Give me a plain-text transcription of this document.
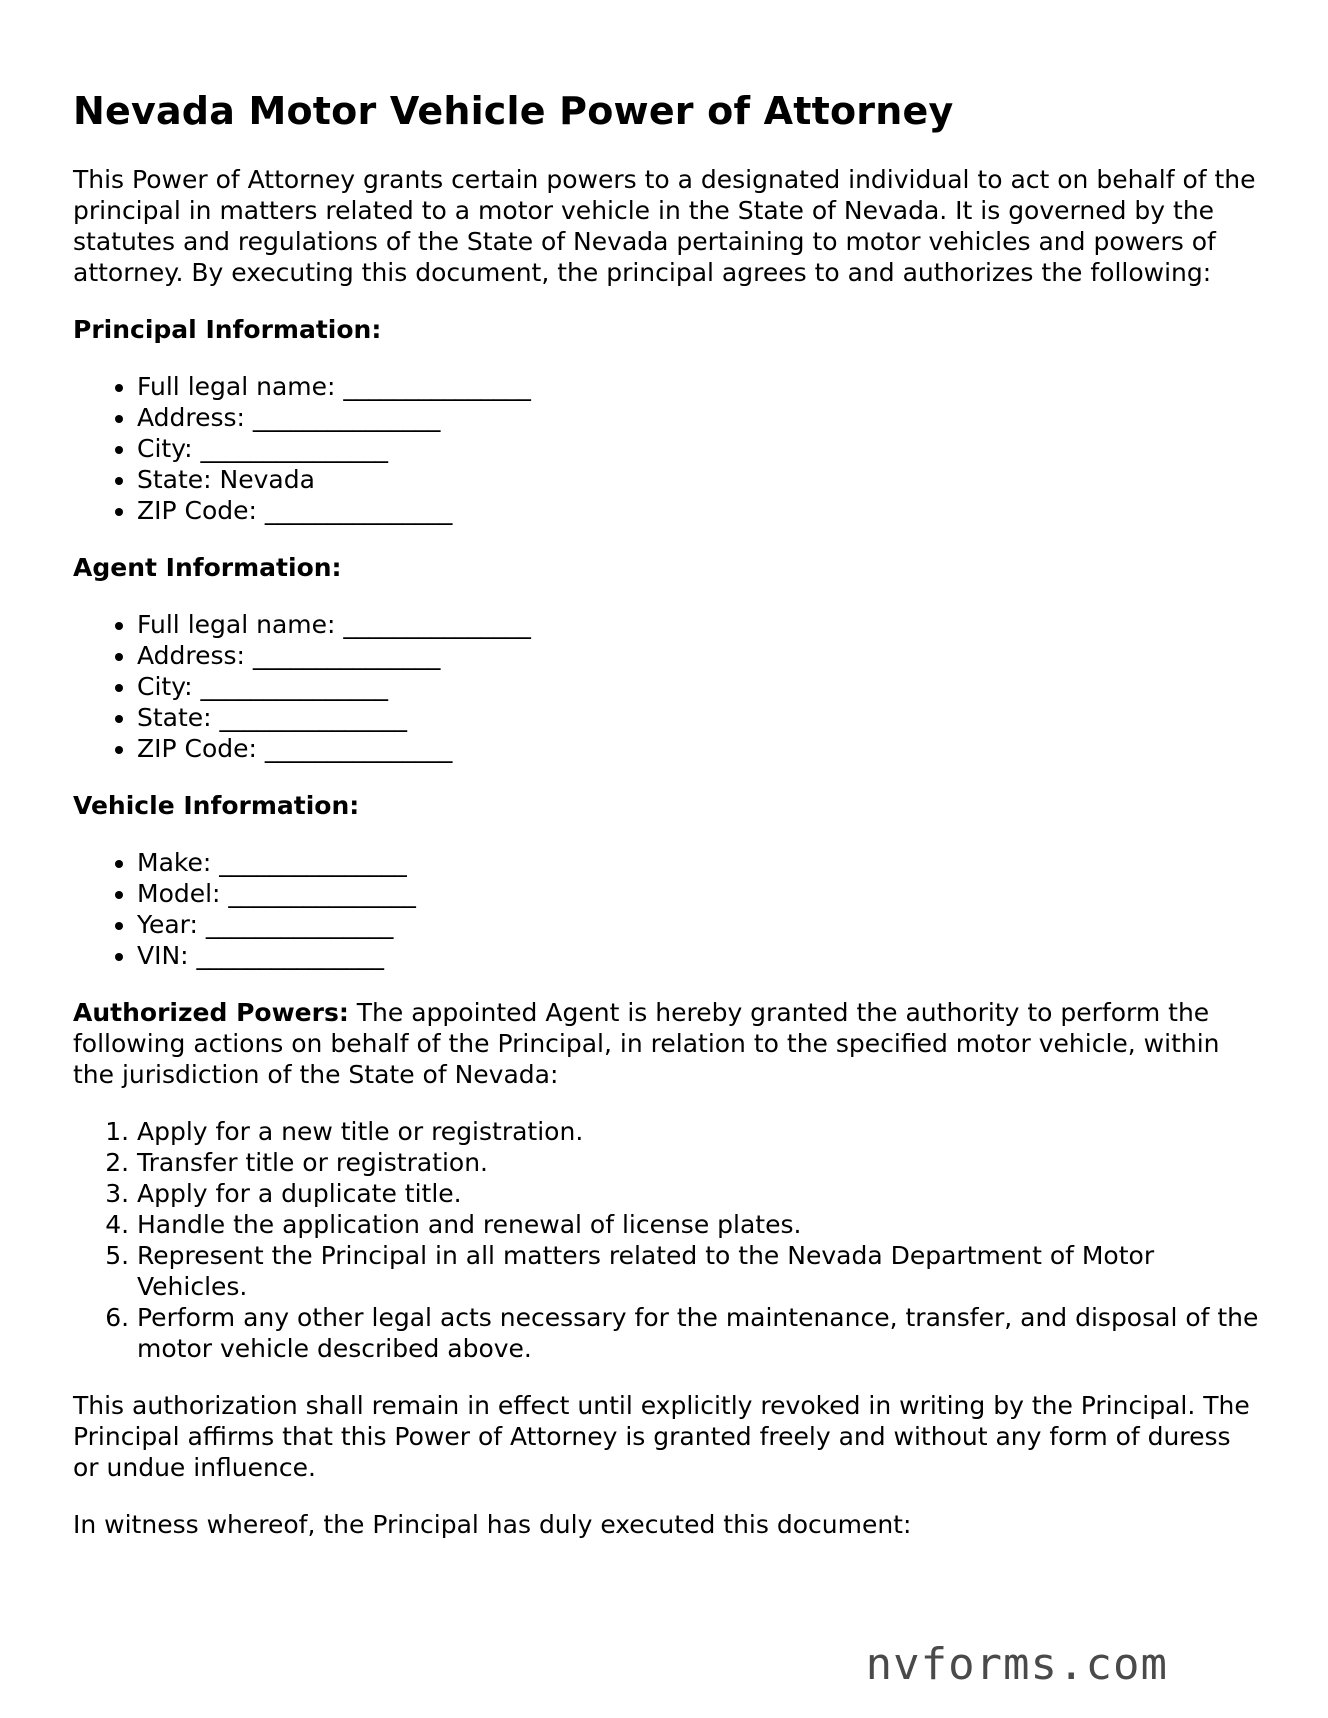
Nevada Motor Vehicle Power of Attorney

This Power of Attorney grants certain powers to a designated individual to act on behalf of the principal in matters related to a motor vehicle in the State of Nevada. It is governed by the statutes and regulations of the State of Nevada pertaining to motor vehicles and powers of attorney. By executing this document, the principal agrees to and authorizes the following:

Principal Information:
• Full legal name: _______________
• Address: _______________
• City: _______________
• State: Nevada
• ZIP Code: _______________
Agent Information:
• Full legal name: _______________
• Address: _______________
• City: _______________
• State: _______________
• ZIP Code: _______________
Vehicle Information:
• Make: _______________
• Model: _______________
• Year: _______________
• VIN: _______________

Authorized Powers: The appointed Agent is hereby granted the authority to perform the following actions on behalf of the Principal, in relation to the specified motor vehicle, within the jurisdiction of the State of Nevada:

1. Apply for a new title or registration.
2. Transfer title or registration.
3. Apply for a duplicate title.
4. Handle the application and renewal of license plates.
5. Represent the Principal in all matters related to the Nevada Department of Motor Vehicles.
6. Perform any other legal acts necessary for the maintenance, transfer, and disposal of the motor vehicle described above.

This authorization shall remain in effect until explicitly revoked in writing by the Principal. The Principal affirms that this Power of Attorney is granted freely and without any form of duress or undue influence.

In witness whereof, the Principal has duly executed this document:

nvforms.com
